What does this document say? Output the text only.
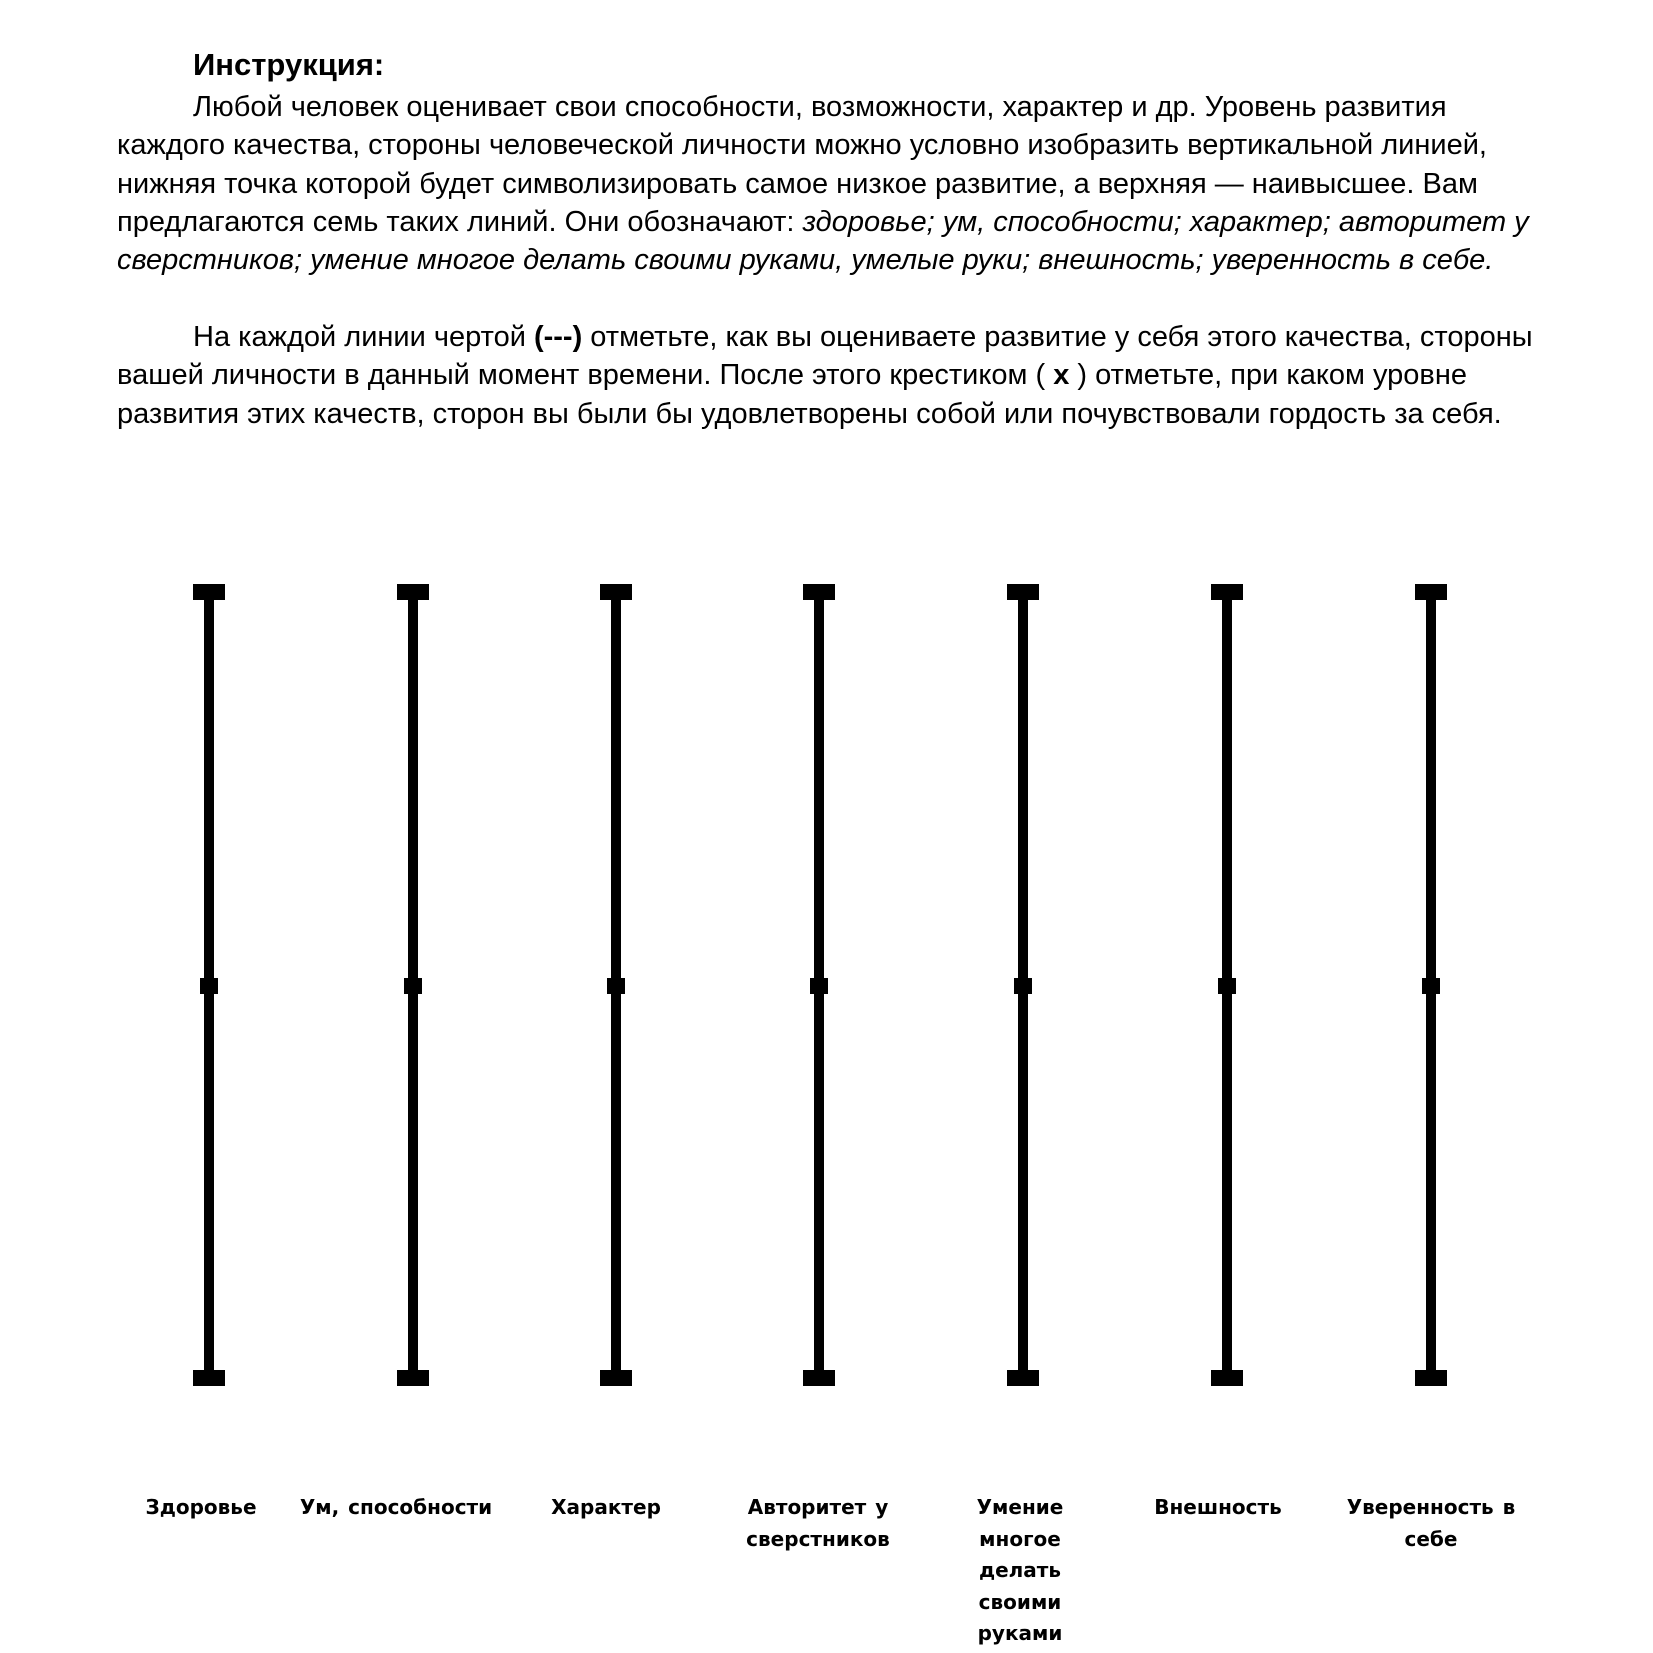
Инструкция:

Любой человек оценивает свои способности, возможности, характер и др. Уровень развития каждого качества, стороны человеческой личности можно условно изобразить вертикальной линией, нижняя точка которой будет символизировать самое низкое развитие, а верхняя — наивысшее. Вам предлагаются семь таких линий. Они обозначают: здоровье; ум, способности; характер; авторитет у сверстников; умение многое делать своими руками, умелые руки; внешность; уверенность в себе.

На каждой линии чертой (---) отметьте, как вы оцениваете развитие у себя этого качества, стороны вашей личности в данный момент времени. После этого крестиком ( х ) отметьте, при каком уровне развития этих качеств, сторон вы были бы удовлетворены собой или почувствовали гордость за себя.

Здоровье	Ум, способности	Характер	Авторитет у сверстников
Умение многое делать своими руками
Внешность	Уверенность в себе
